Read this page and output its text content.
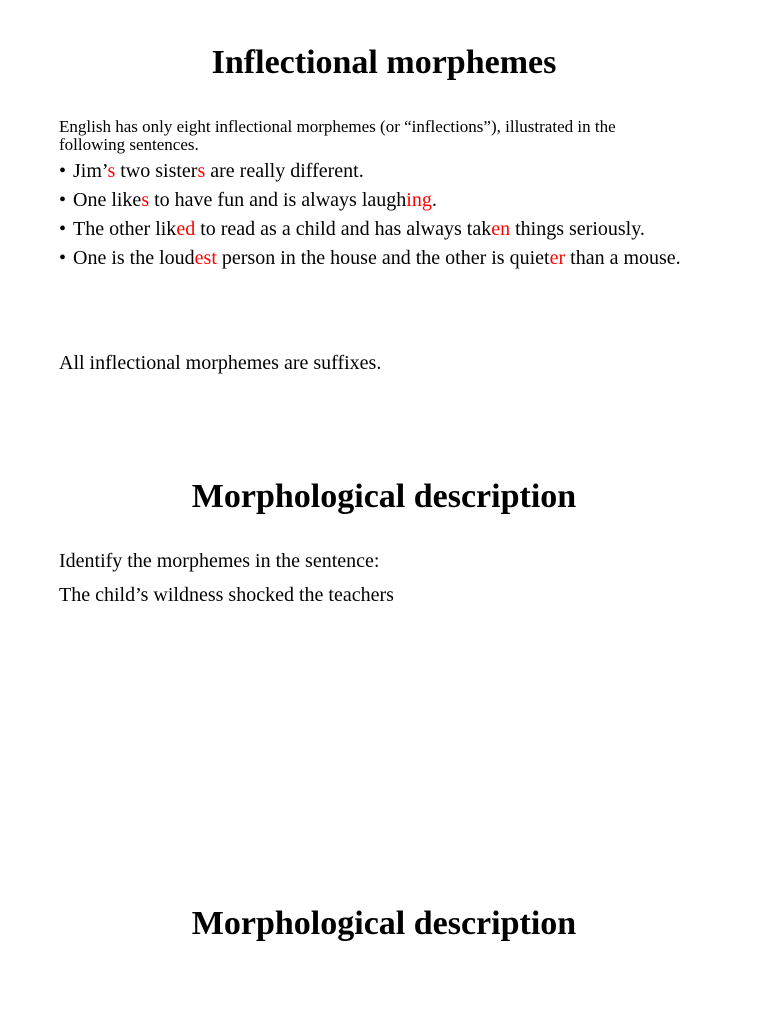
Inflectional morphemes

English has only eight inflectional morphemes (or “inflections”), illustrated in the
following sentences.

• Jim’s two sisters are really different.
• One likes to have fun and is always laughing.
• The other liked to read as a child and has always taken things seriously.
• One is the loudest person in the house and the other is quieter than a mouse.

All inflectional morphemes are suffixes.

Morphological description

Identify the morphemes in the sentence:

The child’s wildness shocked the teachers

Morphological description
